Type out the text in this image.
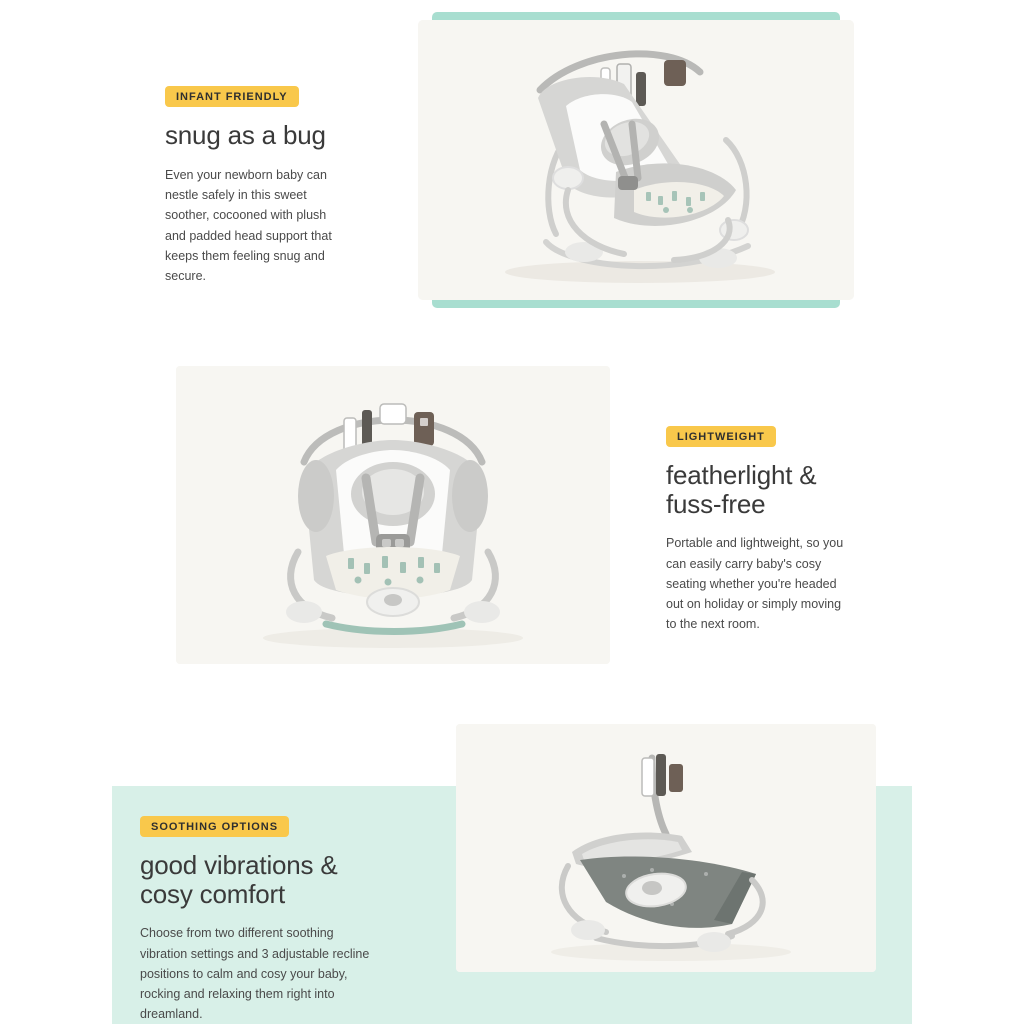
INFANT FRIENDLY
snug as a bug

Even your newborn baby can nestle safely in this sweet soother, cocooned with plush and padded head support that keeps them feeling snug and secure.

LIGHTWEIGHT
featherlight & fuss-free

Portable and lightweight, so you can easily carry baby's cosy seating whether you're headed out on holiday or simply moving to the next room.

SOOTHING OPTIONS
good vibrations & cosy comfort

Choose from two different soothing vibration settings and 3 adjustable recline positions to calm and cosy your baby, rocking and relaxing them right into dreamland.
